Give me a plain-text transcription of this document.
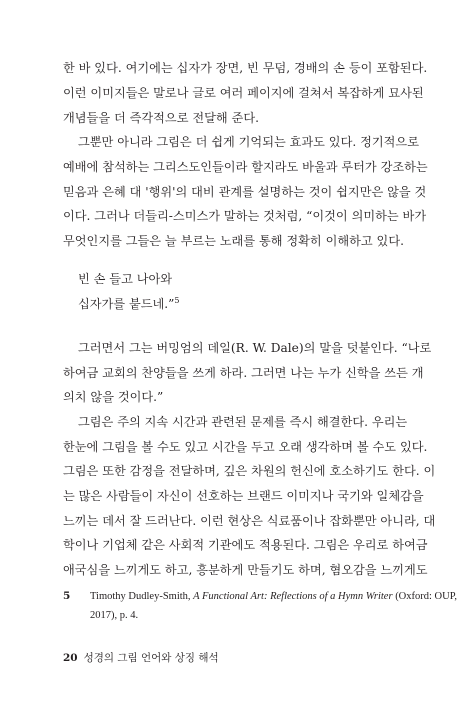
한 바 있다. 여기에는 십자가 장면, 빈 무덤, 경배의 손 등이 포함된다.
이런 이미지들은 말로나 글로 여러 페이지에 걸쳐서 복잡하게 묘사된
개념들을 더 즉각적으로 전달해 준다.
그뿐만 아니라 그림은 더 쉽게 기억되는 효과도 있다. 정기적으로
예배에 참석하는 그리스도인들이라 할지라도 바울과 루터가 강조하는
믿음과 은혜 대 '행위'의 대비 관계를 설명하는 것이 쉽지만은 않을 것
이다. 그러나 더들리-스미스가 말하는 것처럼, “이것이 의미하는 바가
무엇인지를 그들은 늘 부르는 노래를 통해 정확히 이해하고 있다.
빈 손 들고 나아와
십자가를 붙드네.”$^5$
그러면서 그는 버밍엄의 데일(R. W. Dale)의 말을 덧붙인다. “나로
하여금 교회의 찬양들을 쓰게 하라. 그러면 나는 누가 신학을 쓰든 개
의치 않을 것이다.”
그림은 주의 지속 시간과 관련된 문제를 즉시 해결한다. 우리는
한눈에 그림을 볼 수도 있고 시간을 두고 오래 생각하며 볼 수도 있다.
그림은 또한 감정을 전달하며, 깊은 차원의 헌신에 호소하기도 한다. 이
는 많은 사람들이 자신이 선호하는 브랜드 이미지나 국기와 일체감을
느끼는 데서 잘 드러난다. 이런 현상은 식료품이나 잡화뿐만 아니라, 대
학이나 기업체 같은 사회적 기관에도 적용된다. 그림은 우리로 하여금
애국심을 느끼게도 하고, 흥분하게 만들기도 하며, 혐오감을 느끼게도
5 Timothy Dudley-Smith, A Functional Art: Reflections of a Hymn Writer (Oxford: OUP,
2017), p. 4.
20 성경의 그림 언어와 상징 해석
